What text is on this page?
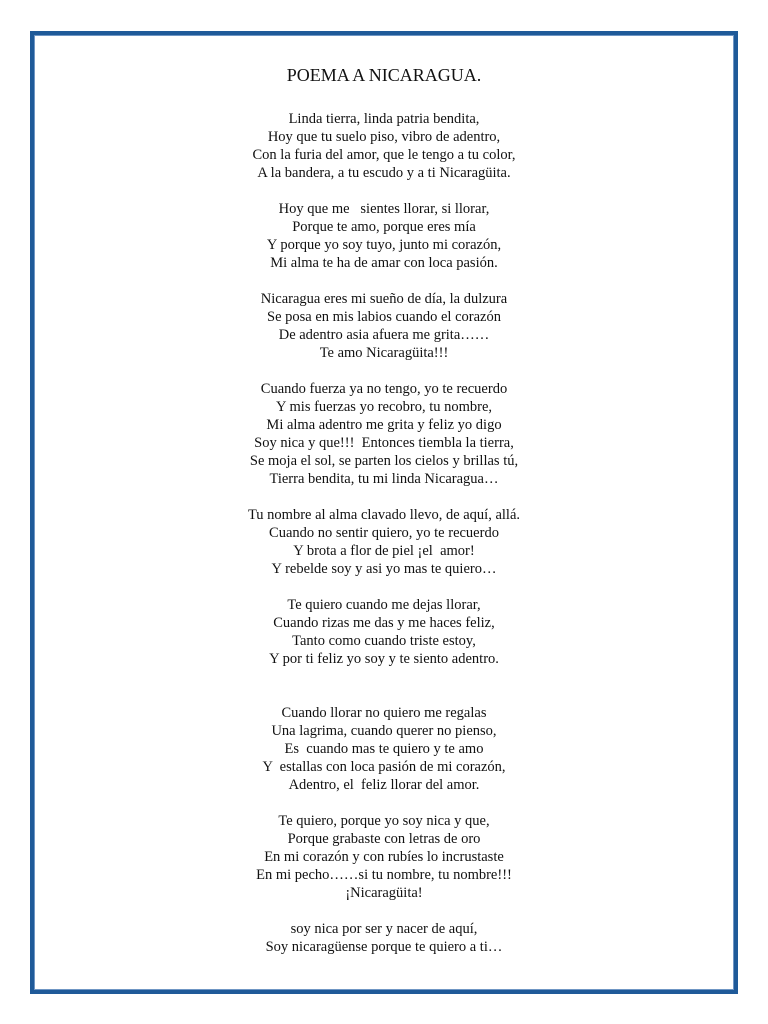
POEMA A NICARAGUA.
Linda tierra, linda patria bendita,
Hoy que tu suelo piso, vibro de adentro,
Con la furia del amor, que le tengo a tu color,
A la bandera, a tu escudo y a ti Nicaragüita.
Hoy que me   sientes llorar, si llorar,
Porque te amo, porque eres mía
Y porque yo soy tuyo, junto mi corazón,
Mi alma te ha de amar con loca pasión.
Nicaragua eres mi sueño de día, la dulzura
Se posa en mis labios cuando el corazón
De adentro asia afuera me grita……
Te amo Nicaragüita!!!
Cuando fuerza ya no tengo, yo te recuerdo
Y mis fuerzas yo recobro, tu nombre,
Mi alma adentro me grita y feliz yo digo
Soy nica y que!!!  Entonces tiembla la tierra,
Se moja el sol, se parten los cielos y brillas tú,
Tierra bendita, tu mi linda Nicaragua…
Tu nombre al alma clavado llevo, de aquí, allá.
Cuando no sentir quiero, yo te recuerdo
Y brota a flor de piel ¡el  amor!
Y rebelde soy y asi yo mas te quiero…
Te quiero cuando me dejas llorar,
Cuando rizas me das y me haces feliz,
Tanto como cuando triste estoy,
Y por ti feliz yo soy y te siento adentro.
Cuando llorar no quiero me regalas
Una lagrima, cuando querer no pienso,
Es  cuando mas te quiero y te amo
Y  estallas con loca pasión de mi corazón,
Adentro, el  feliz llorar del amor.
Te quiero, porque yo soy nica y que,
Porque grabaste con letras de oro
En mi corazón y con rubíes lo incrustaste
En mi pecho……si tu nombre, tu nombre!!!
¡Nicaragüita!
soy nica por ser y nacer de aquí,
Soy nicaragüense porque te quiero a ti…
